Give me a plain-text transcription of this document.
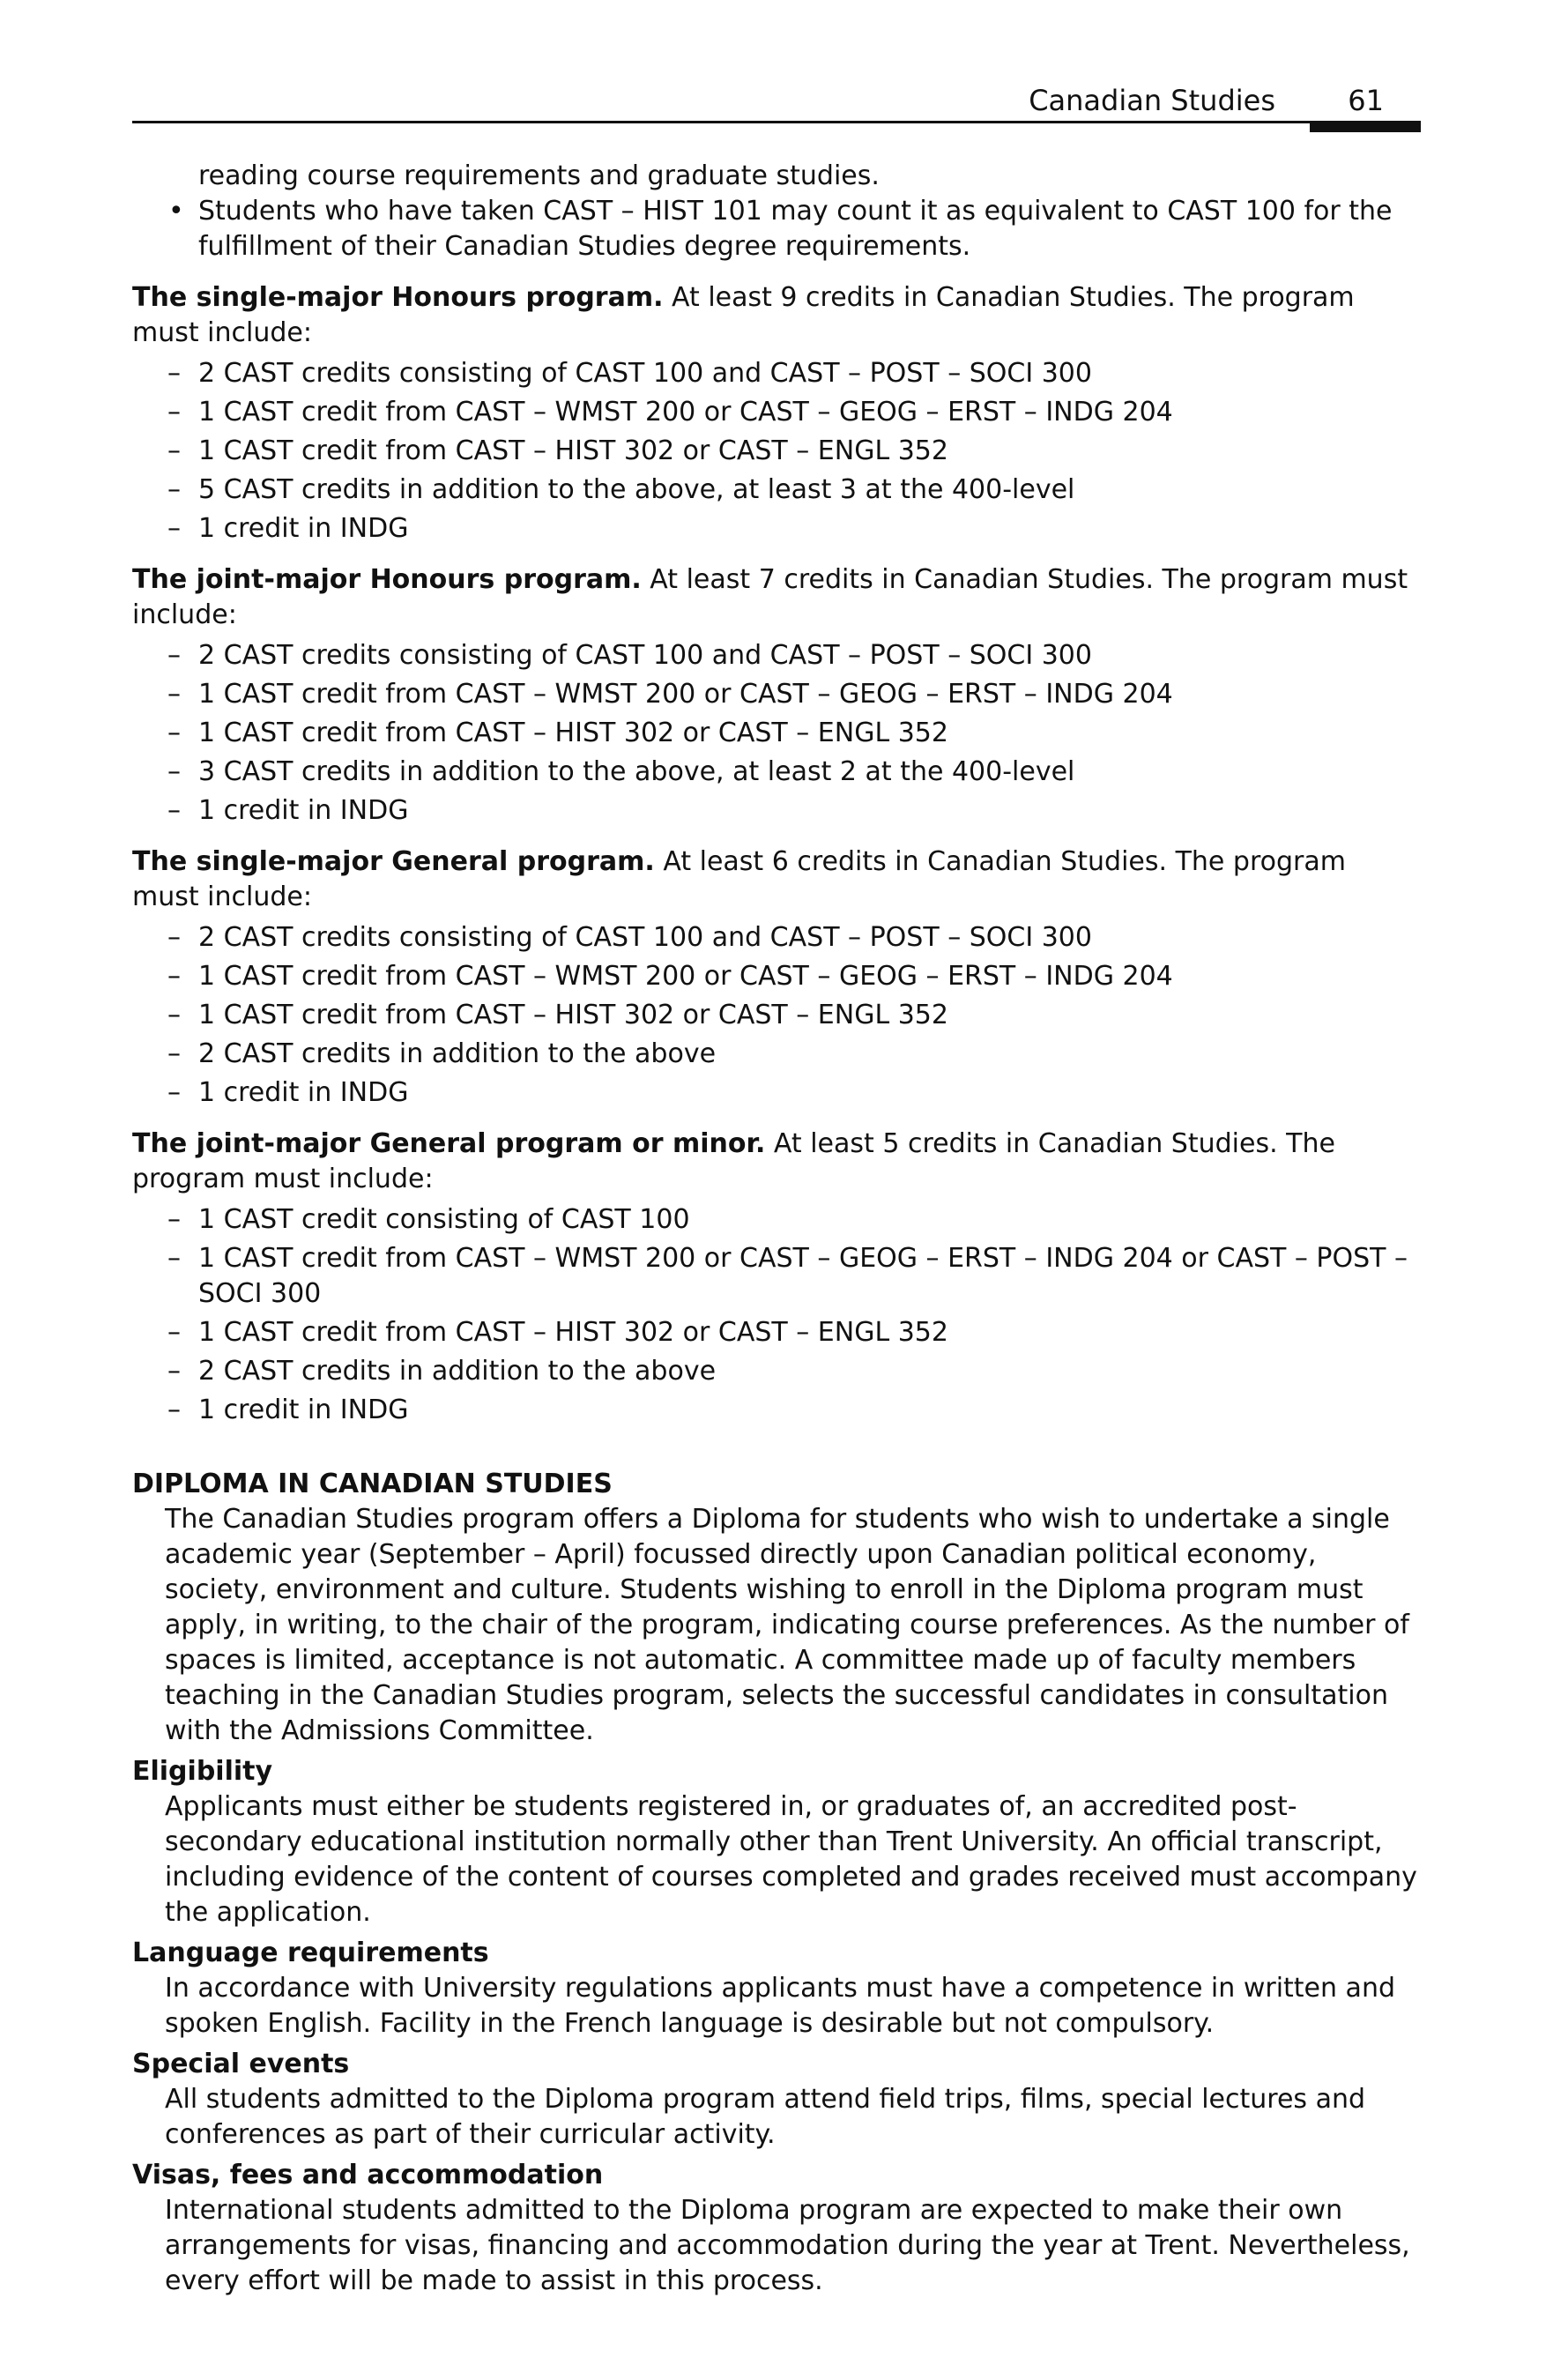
Canadian Studies	61

reading course requirements and graduate studies.

• Students who have taken CAST – HIST 101 may count it as equivalent to CAST 100 for the fulfillment of their Canadian Studies degree requirements.

The single-major Honours program. At least 9 credits in Canadian Studies. The program must include:

– 2 CAST credits consisting of CAST 100 and CAST – POST – SOCI 300
– 1 CAST credit from CAST – WMST 200 or CAST – GEOG – ERST – INDG 204
– 1 CAST credit from CAST – HIST 302 or CAST – ENGL 352
– 5 CAST credits in addition to the above, at least 3 at the 400-level
– 1 credit in INDG

The joint-major Honours program. At least 7 credits in Canadian Studies. The program must include:

– 2 CAST credits consisting of CAST 100 and CAST – POST – SOCI 300
– 1 CAST credit from CAST – WMST 200 or CAST – GEOG – ERST – INDG 204
– 1 CAST credit from CAST – HIST 302 or CAST – ENGL 352
– 3 CAST credits in addition to the above, at least 2 at the 400-level
– 1 credit in INDG

The single-major General program. At least 6 credits in Canadian Studies. The program must include:

– 2 CAST credits consisting of CAST 100 and CAST – POST – SOCI 300
– 1 CAST credit from CAST – WMST 200 or CAST – GEOG – ERST – INDG 204
– 1 CAST credit from CAST – HIST 302 or CAST – ENGL 352
– 2 CAST credits in addition to the above
– 1 credit in INDG

The joint-major General program or minor. At least 5 credits in Canadian Studies. The program must include:

– 1 CAST credit consisting of CAST 100
– 1 CAST credit from CAST – WMST 200 or CAST – GEOG – ERST – INDG 204 or CAST – POST – SOCI 300
– 1 CAST credit from CAST – HIST 302 or CAST – ENGL 352
– 2 CAST credits in addition to the above
– 1 credit in INDG
DIPLOMA IN CANADIAN STUDIES

The Canadian Studies program offers a Diploma for students who wish to undertake a single academic year (September – April) focussed directly upon Canadian political economy, society, environment and culture. Students wishing to enroll in the Diploma program must apply, in writing, to the chair of the program, indicating course preferences. As the number of spaces is limited, acceptance is not automatic. A committee made up of faculty members teaching in the Canadian Studies program, selects the successful candidates in consultation with the Admissions Committee.

Eligibility

Applicants must either be students registered in, or graduates of, an accredited post-secondary educational institution normally other than Trent University. An official transcript, including evidence of the content of courses completed and grades received must accompany the application.

Language requirements

In accordance with University regulations applicants must have a competence in written and spoken English. Facility in the French language is desirable but not compulsory.

Special events

All students admitted to the Diploma program attend field trips, films, special lectures and conferences as part of their curricular activity.

Visas, fees and accommodation

International students admitted to the Diploma program are expected to make their own arrangements for visas, financing and accommodation during the year at Trent. Nevertheless, every effort will be made to assist in this process.
